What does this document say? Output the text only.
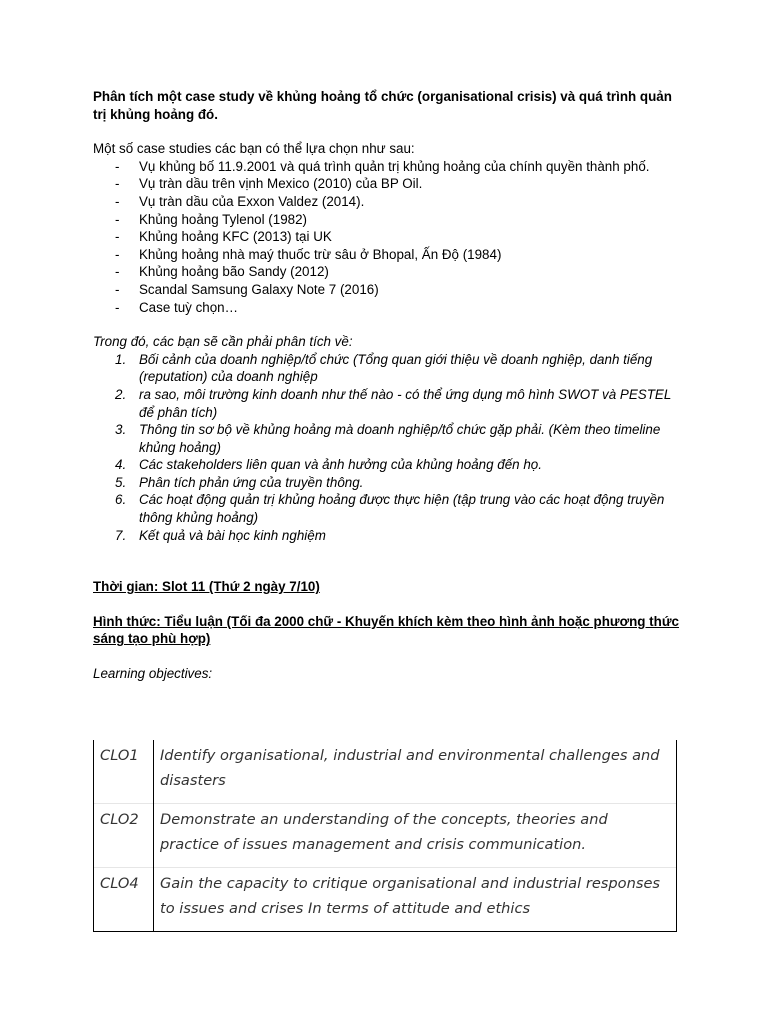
Phân tích một case study về khủng hoảng tổ chức (organisational crisis) và quá trình quản trị khủng hoảng đó.

Một số case studies các bạn có thể lựa chọn như sau:
- Vụ khủng bố 11.9.2001 và quá trình quản trị khủng hoảng của chính quyền thành phố.
- Vụ tràn dầu trên vịnh Mexico (2010) của BP Oil.
- Vụ tràn dầu của Exxon Valdez (2014).
- Khủng hoảng Tylenol (1982)
- Khủng hoảng KFC (2013) tại UK
- Khủng hoảng nhà maý thuốc trừ sâu ở Bhopal, Ấn Độ (1984)
- Khủng hoảng bão Sandy (2012)
- Scandal Samsung Galaxy Note 7 (2016)
- Case tuỳ chọn…
Trong đó, các bạn sẽ cần phải phân tích về:
1. Bối cảnh của doanh nghiệp/tổ chức (Tổng quan giới thiệu về doanh nghiệp, danh tiếng (reputation) của doanh nghiệp
2. ra sao, môi trường kinh doanh như thế nào - có thể ứng dụng mô hình SWOT và PESTEL để phân tích)
3. Thông tin sơ bộ về khủng hoảng mà doanh nghiệp/tổ chức gặp phải. (Kèm theo timeline khủng hoảng)
4. Các stakeholders liên quan và ảnh hưởng của khủng hoảng đến họ.
5. Phân tích phản ứng của truyền thông.
6. Các hoạt động quản trị khủng hoảng được thực hiện (tập trung vào các hoạt động truyền thông khủng hoảng)
7. Kết quả và bài học kinh nghiệm
Thời gian: Slot 11 (Thứ 2 ngày 7/10)
Hình thức: Tiểu luận (Tối đa 2000 chữ - Khuyến khích kèm theo hình ảnh hoặc phương thức sáng tạo phù hợp)
Learning objectives:
CLO1	Identify organisational, industrial and environmental challenges and disasters
CLO2	Demonstrate an understanding of the concepts, theories and practice of issues management and crisis communication.
CLO4	Gain the capacity to critique organisational and industrial responses to issues and crises In terms of attitude and ethics
